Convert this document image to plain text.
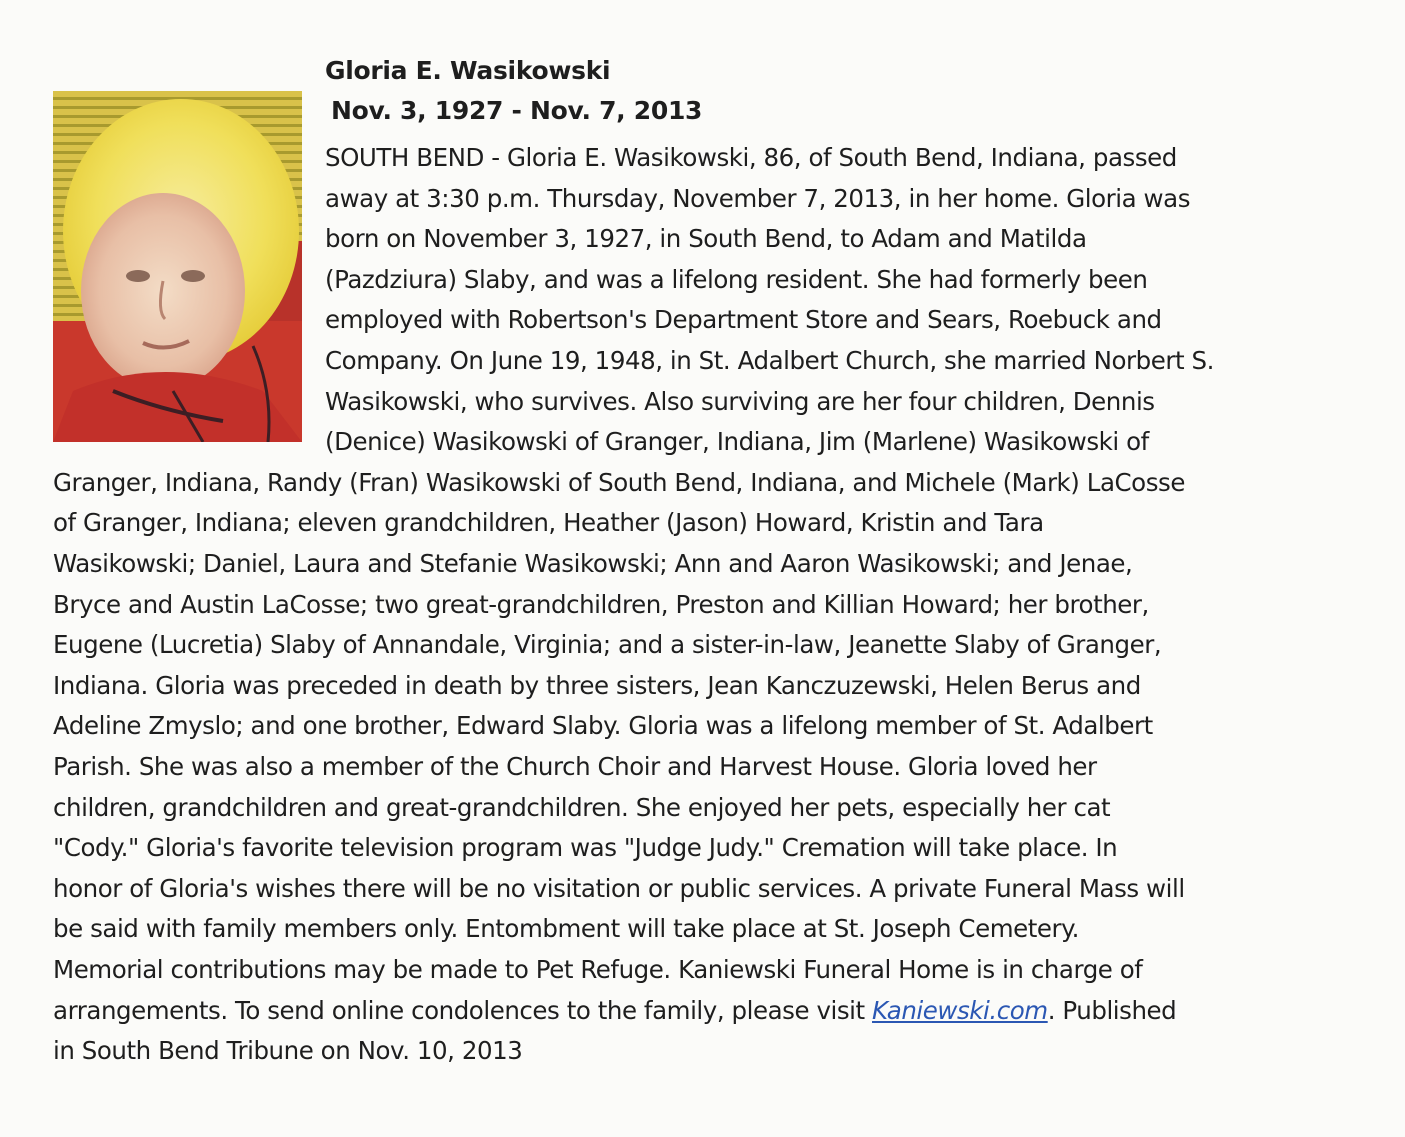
Gloria E. Wasikowski
Nov. 3, 1927 - Nov. 7, 2013
SOUTH BEND - Gloria E. Wasikowski, 86, of South Bend, Indiana, passed
away at 3:30 p.m. Thursday, November 7, 2013, in her home. Gloria was
born on November 3, 1927, in South Bend, to Adam and Matilda
(Pazdziura) Slaby, and was a lifelong resident. She had formerly been
employed with Robertson's Department Store and Sears, Roebuck and
Company. On June 19, 1948, in St. Adalbert Church, she married Norbert S.
Wasikowski, who survives. Also surviving are her four children, Dennis
(Denice) Wasikowski of Granger, Indiana, Jim (Marlene) Wasikowski of
Granger, Indiana, Randy (Fran) Wasikowski of South Bend, Indiana, and Michele (Mark) LaCosse
of Granger, Indiana; eleven grandchildren, Heather (Jason) Howard, Kristin and Tara
Wasikowski; Daniel, Laura and Stefanie Wasikowski; Ann and Aaron Wasikowski; and Jenae,
Bryce and Austin LaCosse; two great-grandchildren, Preston and Killian Howard; her brother,
Eugene (Lucretia) Slaby of Annandale, Virginia; and a sister-in-law, Jeanette Slaby of Granger,
Indiana. Gloria was preceded in death by three sisters, Jean Kanczuzewski, Helen Berus and
Adeline Zmyslo; and one brother, Edward Slaby. Gloria was a lifelong member of St. Adalbert
Parish. She was also a member of the Church Choir and Harvest House. Gloria loved her
children, grandchildren and great-grandchildren. She enjoyed her pets, especially her cat
"Cody." Gloria's favorite television program was "Judge Judy." Cremation will take place. In
honor of Gloria's wishes there will be no visitation or public services. A private Funeral Mass will
be said with family members only. Entombment will take place at St. Joseph Cemetery.
Memorial contributions may be made to Pet Refuge. Kaniewski Funeral Home is in charge of
arrangements. To send online condolences to the family, please visit Kaniewski.com. Published
in South Bend Tribune on Nov. 10, 2013
